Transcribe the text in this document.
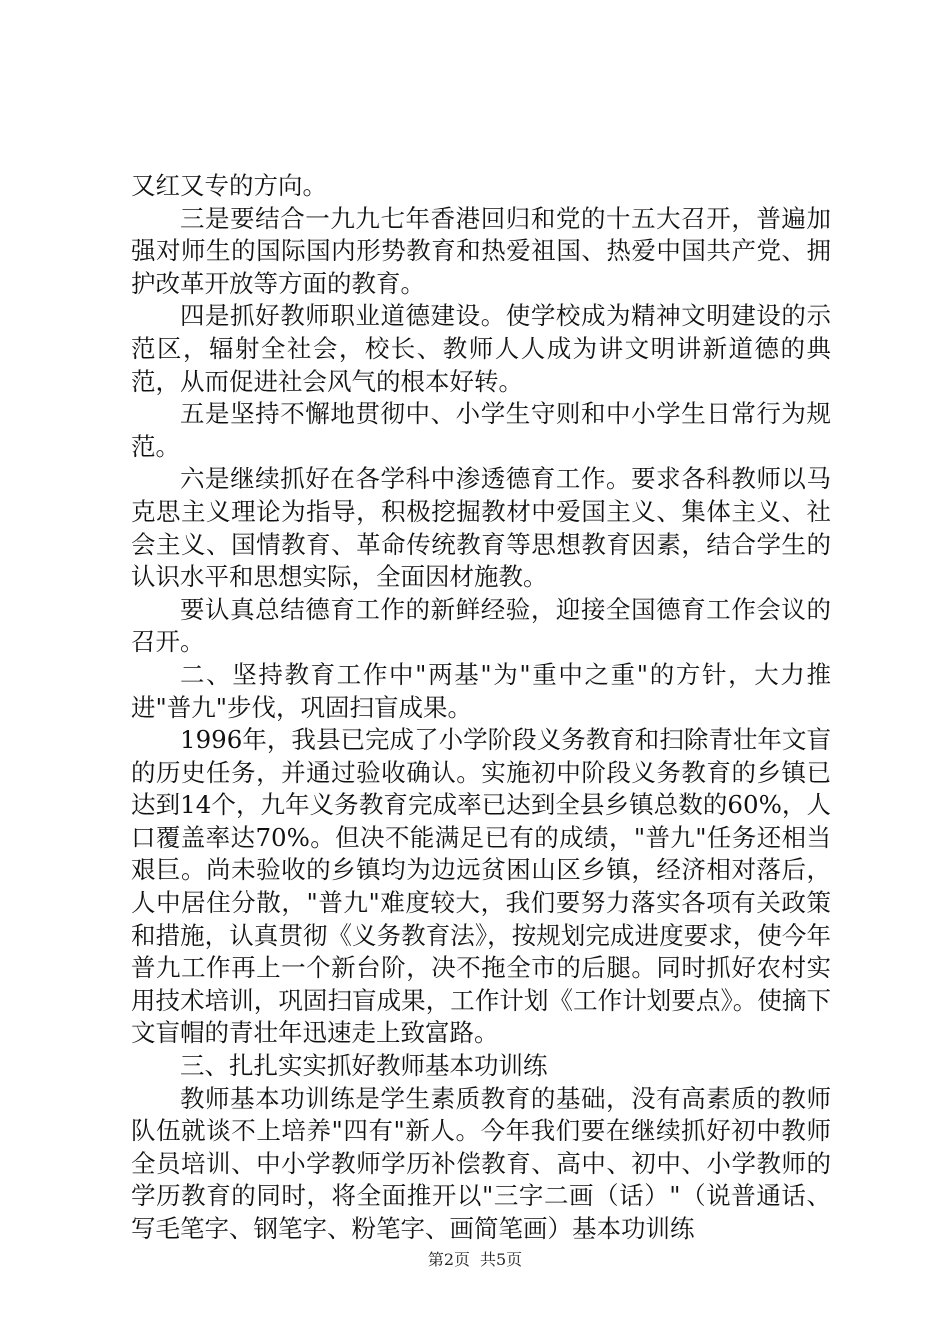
又红又专的方向。

三是要结合一九九七年香港回归和党的十五大召开，普遍加强对师生的国际国内形势教育和热爱祖国、热爱中国共产党、拥护改革开放等方面的教育。

四是抓好教师职业道德建设。使学校成为精神文明建设的示范区，辐射全社会，校长、教师人人成为讲文明讲新道德的典范，从而促进社会风气的根本好转。

五是坚持不懈地贯彻中、小学生守则和中小学生日常行为规范。

六是继续抓好在各学科中渗透德育工作。要求各科教师以马克思主义理论为指导，积极挖掘教材中爱国主义、集体主义、社会主义、国情教育、革命传统教育等思想教育因素，结合学生的认识水平和思想实际，全面因材施教。

要认真总结德育工作的新鲜经验，迎接全国德育工作会议的召开。

二、坚持教育工作中"两基"为"重中之重"的方针，大力推进"普九"步伐，巩固扫盲成果。

1996年，我县已完成了小学阶段义务教育和扫除青壮年文盲的历史任务，并通过验收确认。实施初中阶段义务教育的乡镇已达到14个，九年义务教育完成率已达到全县乡镇总数的60%，人口覆盖率达70%。但决不能满足已有的成绩，"普九"任务还相当艰巨。尚未验收的乡镇均为边远贫困山区乡镇，经济相对落后，人中居住分散，"普九"难度较大，我们要努力落实各项有关政策和措施，认真贯彻《义务教育法》，按规划完成进度要求，使今年普九工作再上一个新台阶，决不拖全市的后腿。同时抓好农村实用技术培训，巩固扫盲成果，工作计划《工作计划要点》。使摘下文盲帽的青壮年迅速走上致富路。

三、扎扎实实抓好教师基本功训练

教师基本功训练是学生素质教育的基础，没有高素质的教师队伍就谈不上培养"四有"新人。今年我们要在继续抓好初中教师全员培训、中小学教师学历补偿教育、高中、初中、小学教师的学历教育的同时，将全面推开以"三字二画（话）"（说普通话、写毛笔字、钢笔字、粉笔字、画简笔画）基本功训练

第2页 共5页
